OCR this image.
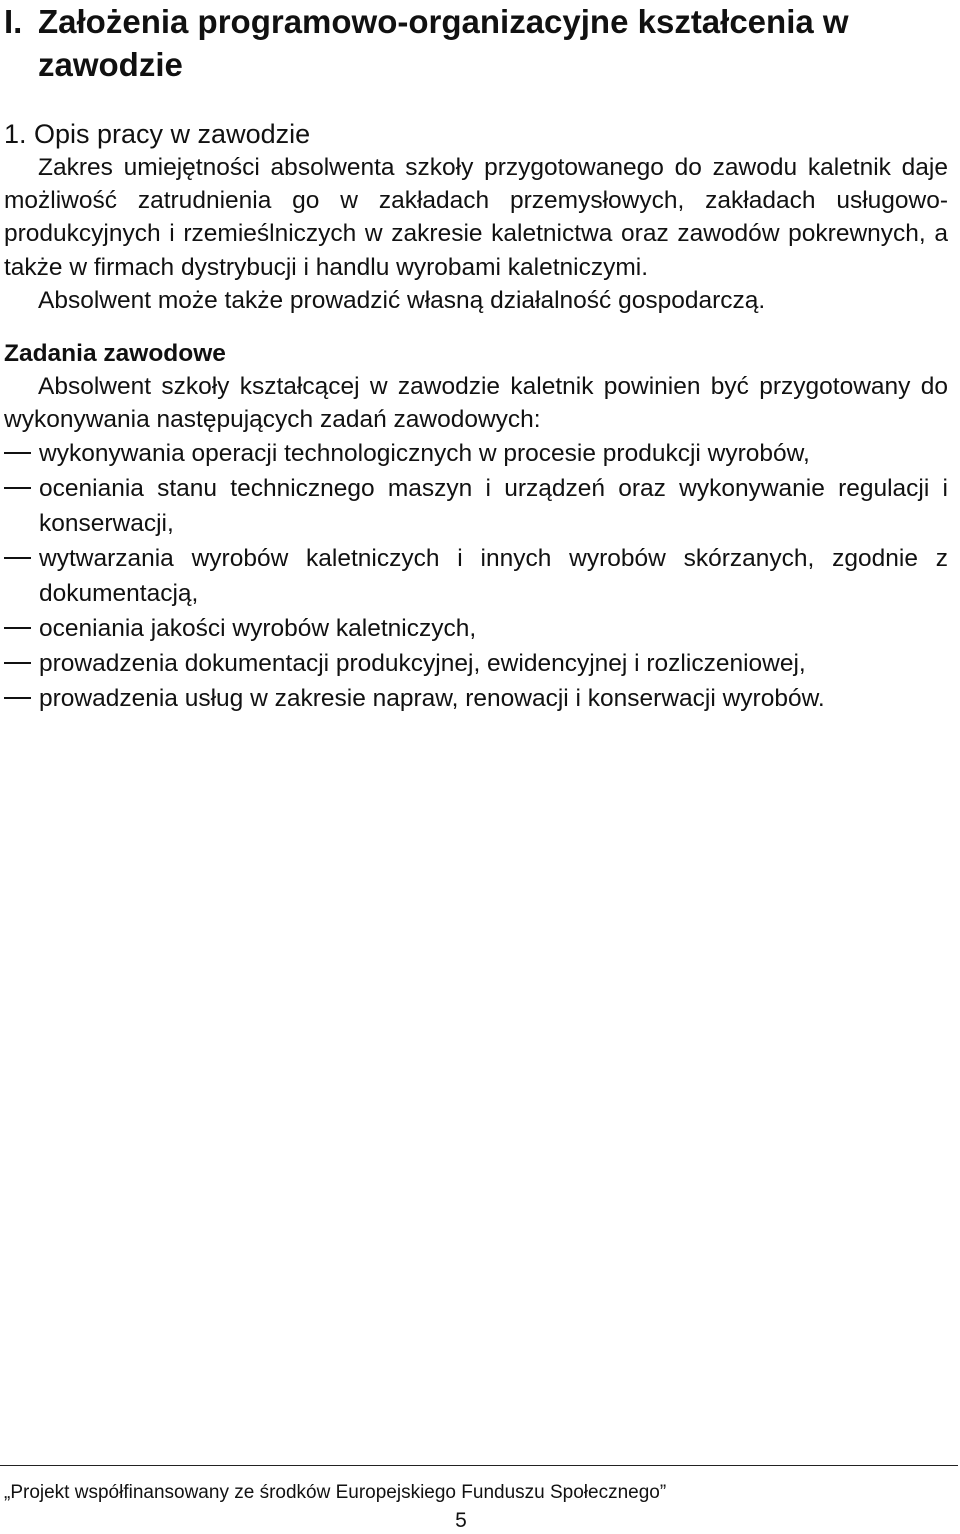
I. Założenia programowo-organizacyjne kształcenia w zawodzie
1. Opis pracy w zawodzie

Zakres umiejętności absolwenta szkoły przygotowanego do zawodu kaletnik daje możliwość zatrudnienia go w zakładach przemysłowych, zakładach usługowo-produkcyjnych i rzemieślniczych w zakresie kaletnictwa oraz zawodów pokrewnych, a także w firmach dystrybucji i handlu wyrobami kaletniczymi.

Absolwent może także prowadzić własną działalność gospodarczą.

Zadania zawodowe

Absolwent szkoły kształcącej w zawodzie kaletnik powinien być przygotowany do wykonywania następujących zadań zawodowych:

wykonywania operacji technologicznych w procesie produkcji wyrobów,
oceniania stanu technicznego maszyn i urządzeń oraz wykonywanie regulacji i konserwacji,
wytwarzania wyrobów kaletniczych i innych wyrobów skórzanych, zgodnie z dokumentacją,
oceniania jakości wyrobów kaletniczych,
prowadzenia dokumentacji produkcyjnej, ewidencyjnej i rozliczeniowej,
prowadzenia usług w zakresie napraw, renowacji i konserwacji wyrobów.
„Projekt współfinansowany ze środków Europejskiego Funduszu Społecznego”
5
